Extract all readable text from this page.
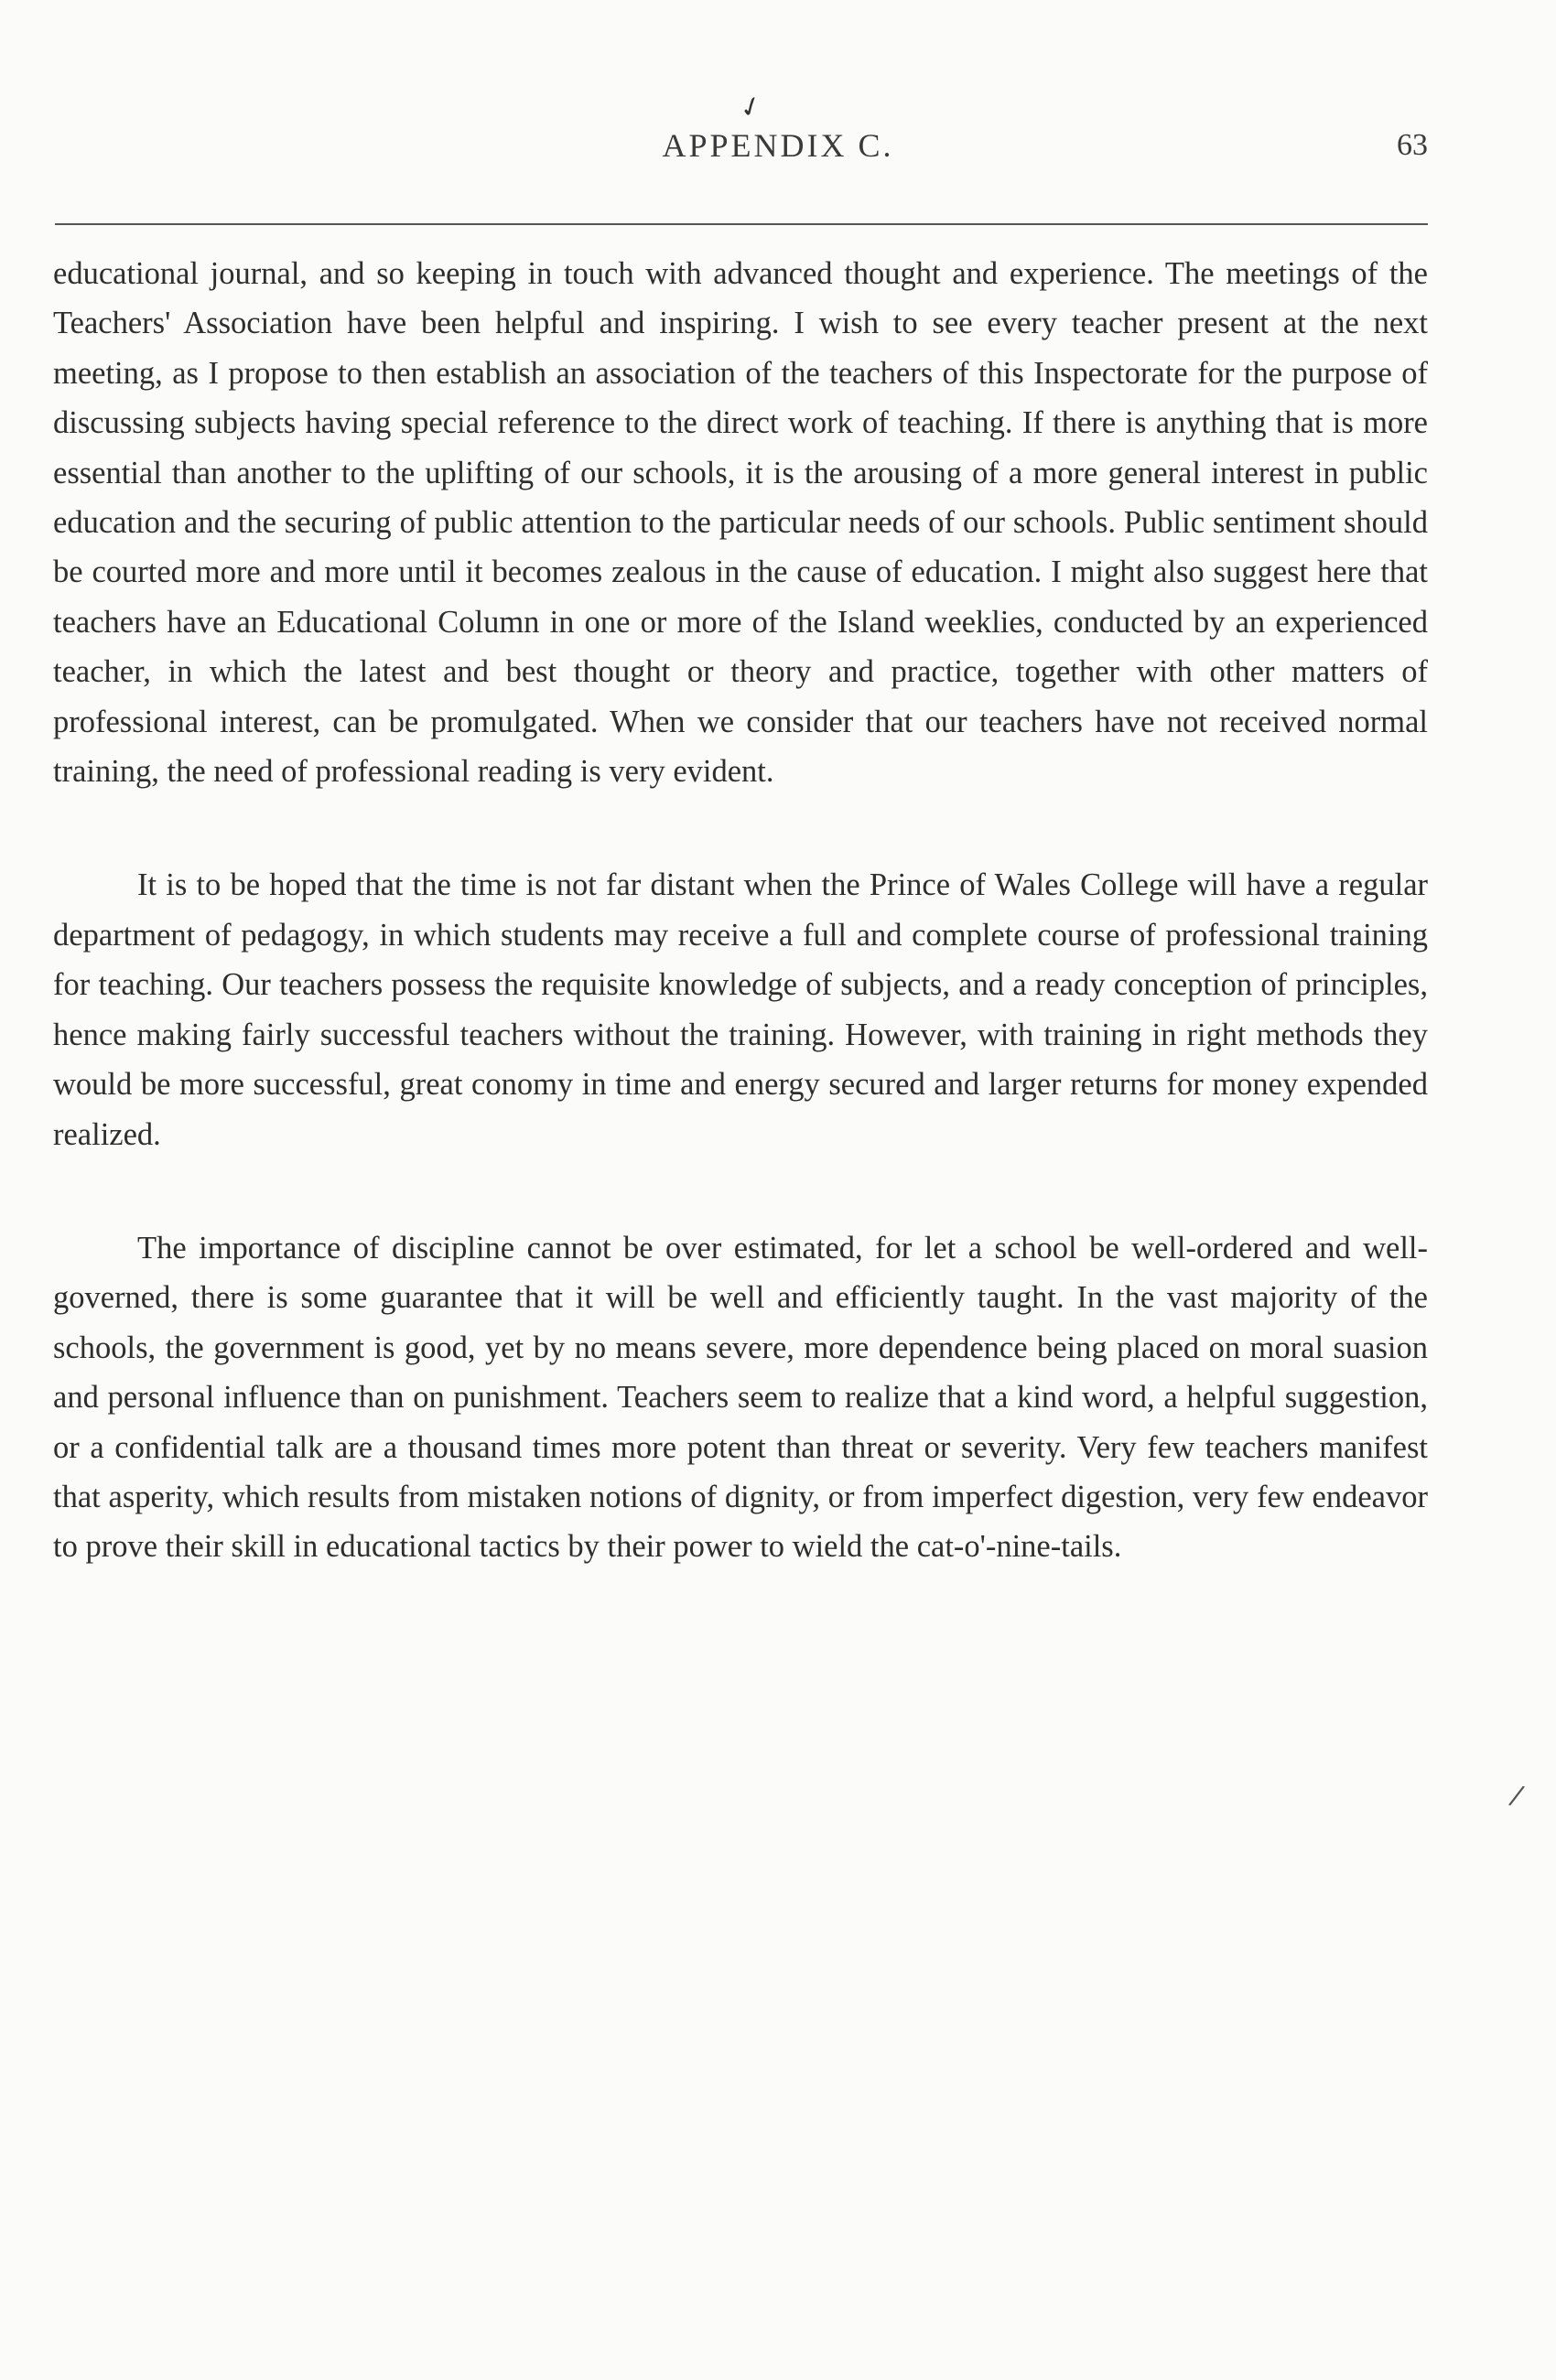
✓
APPENDIX C.	63

educational journal, and so keeping in touch with advanced thought and experience. The meetings of the Teachers' Association have been helpful and inspiring. I wish to see every teacher present at the next meeting, as I propose to then establish an association of the teachers of this Inspectorate for the purpose of discussing subjects having special reference to the direct work of teaching. If there is anything that is more essential than another to the uplifting of our schools, it is the arousing of a more general interest in public education and the securing of public attention to the particular needs of our schools. Public sentiment should be courted more and more until it becomes zealous in the cause of education. I might also suggest here that teachers have an Educational Column in one or more of the Island weeklies, conducted by an experienced teacher, in which the latest and best thought or theory and practice, together with other matters of professional interest, can be promulgated. When we consider that our teachers have not received normal training, the need of professional reading is very evident.

It is to be hoped that the time is not far distant when the Prince of Wales College will have a regular department of pedagogy, in which students may receive a full and complete course of professional training for teaching. Our teachers possess the requisite knowledge of subjects, and a ready conception of principles, hence making fairly successful teachers without the training. However, with training in right methods they would be more successful, great conomy in time and energy secured and larger returns for money expended realized.

The importance of discipline cannot be over estimated, for let a school be well-ordered and well-governed, there is some guarantee that it will be well and efficiently taught. In the vast majority of the schools, the government is good, yet by no means severe, more dependence being placed on moral suasion and personal influence than on punishment. Teachers seem to realize that a kind word, a helpful suggestion, or a confidential talk are a thousand times more potent than threat or severity. Very few teachers manifest that asperity, which results from mistaken notions of dignity, or from imperfect digestion, very few endeavor to prove their skill in educational tactics by their power to wield the cat-o'-nine-tails.

/
